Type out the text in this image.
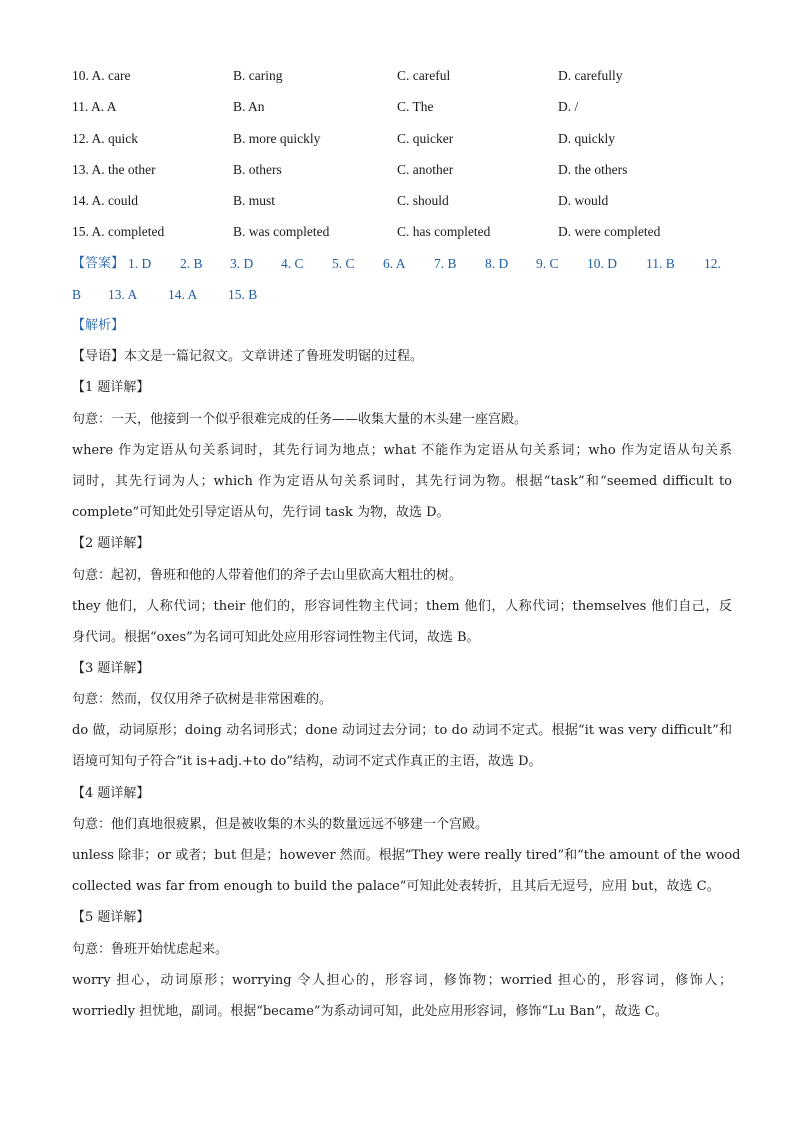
10. A. care	B. caring	C. careful	D. carefully
11. A. A	B. An	C. The	D. /
12. A. quick	B. more quickly	C. quicker	D. quickly
13. A. the other	B. others	C. another	D. the others
14. A. could	B. must	C. should	D. would
15. A. completed	B. was completed	C. has completed	D. were completed
【答案】 1. D 2. B 3. D 4. C 5. C 6. A 7. B 8. D 9. C 10. D 11. B 12.
B 13. A 14. A 15. B
【解析】
【导语】本文是一篇记叙文。文章讲述了鲁班发明锯的过程。
【1 题详解】
句意：一天，他接到一个似乎很难完成的任务——收集大量的木头建一座宫殿。
where 作为定语从句关系词时，其先行词为地点；what 不能作为定语从句关系词；who 作为定语从句关系
词时，其先行词为人；which 作为定语从句关系词时，其先行词为物。根据“task”和“seemed difficult to
complete”可知此处引导定语从句，先行词 task 为物，故选 D。
【2 题详解】
句意：起初，鲁班和他的人带着他们的斧子去山里砍高大粗壮的树。
they 他们，人称代词；their 他们的，形容词性物主代词；them 他们，人称代词；themselves 他们自己，反
身代词。根据“oxes”为名词可知此处应用形容词性物主代词，故选 B。
【3 题详解】
句意：然而，仅仅用斧子砍树是非常困难的。
do 做，动词原形；doing 动名词形式；done 动词过去分词；to do 动词不定式。根据“it was very difficult”和
语境可知句子符合“it is+adj.+to do”结构，动词不定式作真正的主语，故选 D。
【4 题详解】
句意：他们真地很疲累，但是被收集的木头的数量远远不够建一个宫殿。
unless 除非；or 或者；but 但是；however 然而。根据“They were really tired”和“the amount of the wood
collected was far from enough to build the palace”可知此处表转折，且其后无逗号，应用 but，故选 C。
【5 题详解】
句意：鲁班开始忧虑起来。
worry 担心，动词原形；worrying 令人担心的，形容词，修饰物；worried 担心的，形容词，修饰人；
worriedly 担忧地，副词。根据“became”为系动词可知，此处应用形容词，修饰“Lu Ban”，故选 C。
